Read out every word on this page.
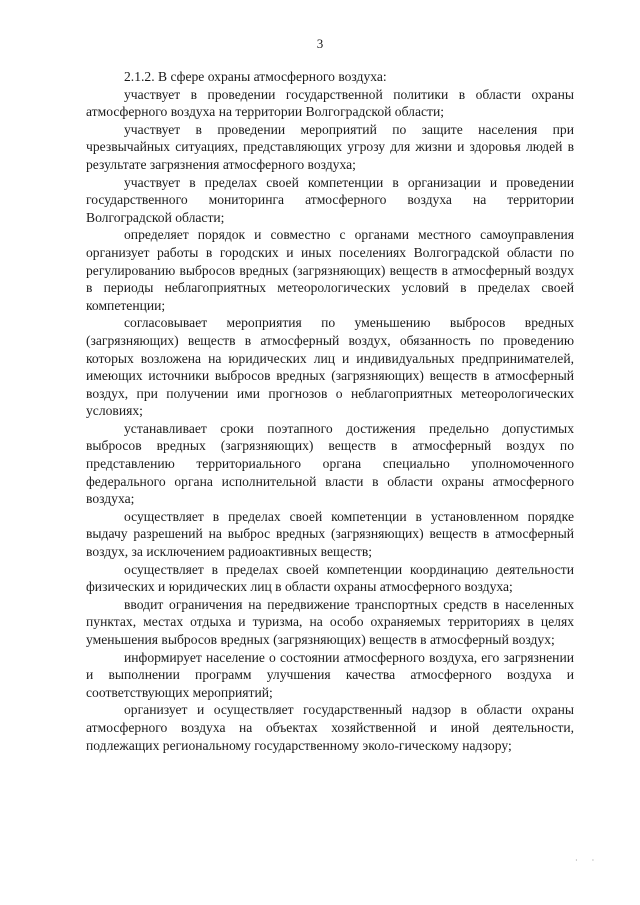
3

2.1.2. В сфере охраны атмосферного воздуха:

участвует в проведении государственной политики в области охраны атмосферного воздуха на территории Волгоградской области;

участвует в проведении мероприятий по защите населения при чрезвычайных ситуациях, представляющих угрозу для жизни и здоровья людей в результате загрязнения атмосферного воздуха;

участвует в пределах своей компетенции в организации и проведении государственного мониторинга атмосферного воздуха на территории Волгоградской области;

определяет порядок и совместно с органами местного самоуправления организует работы в городских и иных поселениях Волгоградской области по регулированию выбросов вредных (загрязняющих) веществ в атмосферный воздух в периоды неблагоприятных метеорологических условий в пределах своей компетенции;

согласовывает мероприятия по уменьшению выбросов вредных (загрязняющих) веществ в атмосферный воздух, обязанность по проведению которых возложена на юридических лиц и индивидуальных предпринимателей, имеющих источники выбросов вредных (загрязняющих) веществ в атмосферный воздух, при получении ими прогнозов о неблагоприятных метеорологических условиях;

устанавливает сроки поэтапного достижения предельно допустимых выбросов вредных (загрязняющих) веществ в атмосферный воздух по представлению территориального органа специально уполномоченного федерального органа исполнительной власти в области охраны атмосферного воздуха;

осуществляет в пределах своей компетенции в установленном порядке выдачу разрешений на выброс вредных (загрязняющих) веществ в атмосферный воздух, за исключением радиоактивных веществ;

осуществляет в пределах своей компетенции координацию деятельности физических и юридических лиц в области охраны атмосферного воздуха;

вводит ограничения на передвижение транспортных средств в населенных пунктах, местах отдыха и туризма, на особо охраняемых территориях в целях уменьшения выбросов вредных (загрязняющих) веществ в атмосферный воздух;

информирует население о состоянии атмосферного воздуха, его загрязнении и выполнении программ улучшения качества атмосферного воздуха и соответствующих мероприятий;

организует и осуществляет государственный надзор в области охраны атмосферного воздуха на объектах хозяйственной и иной деятельности, подлежащих региональному государственному эколо-гическому надзору;

· ·
